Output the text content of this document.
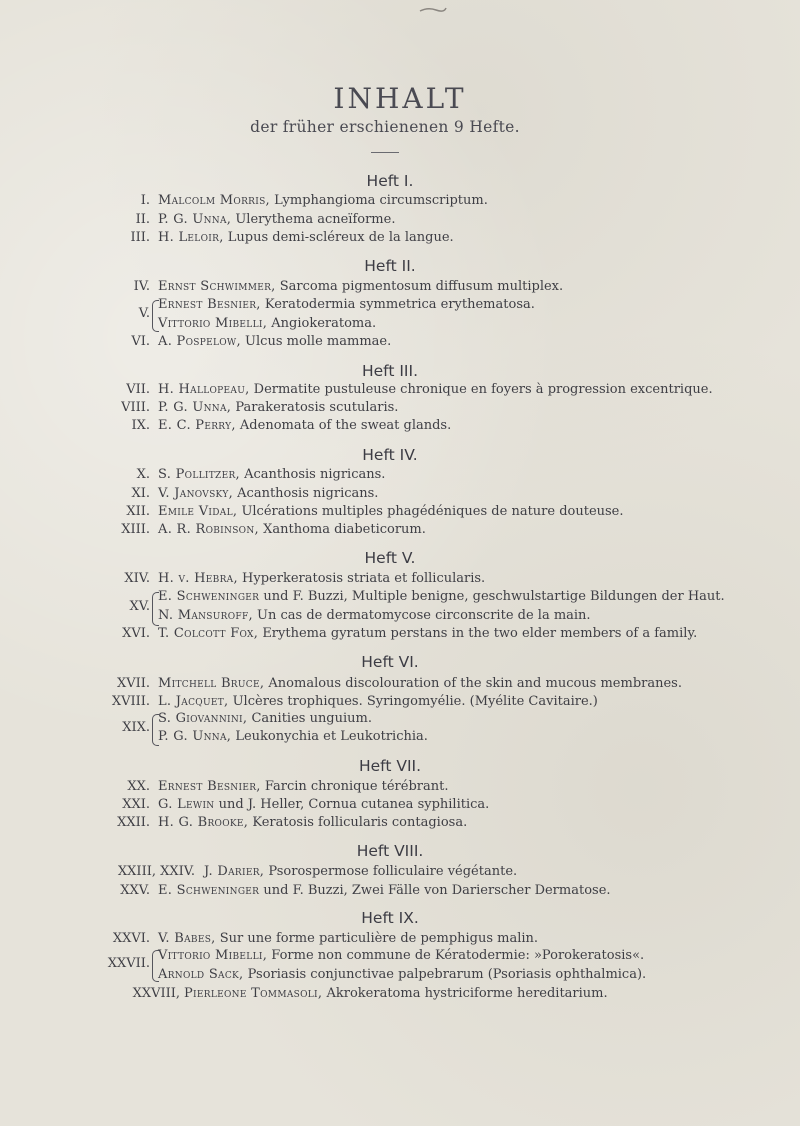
INHALT
der früher erschienenen 9 Hefte.
Heft I.
I. Malcolm Morris, Lymphangioma circumscriptum.
II. P. G. Unna, Ulerythema acneïforme.
III. H. Leloir, Lupus demi-scléreux de la langue.
Heft II.
IV. Ernst Schwimmer, Sarcoma pigmentosum diffusum multiplex.
V.
Ernest Besnier, Keratodermia symmetrica erythematosa.
Vittorio Mibelli, Angiokeratoma.
VI. A. Pospelow, Ulcus molle mammae.
Heft III.
VII. H. Hallopeau, Dermatite pustuleuse chronique en foyers à progression excentrique.
VIII. P. G. Unna, Parakeratosis scutularis.
IX. E. C. Perry, Adenomata of the sweat glands.
Heft IV.
X. S. Pollitzer, Acanthosis nigricans.
XI. V. Janovsky, Acanthosis nigricans.
XII. Emile Vidal, Ulcérations multiples phagédéniques de nature douteuse.
XIII. A. R. Robinson, Xanthoma diabeticorum.
Heft V.
XIV. H. v. Hebra, Hyperkeratosis striata et follicularis.
XV.
E. Schweninger und F. Buzzi, Multiple benigne, geschwulstartige Bildungen der Haut.
N. Mansuroff, Un cas de dermatomycose circonscrite de la main.
XVI. T. Colcott Fox, Erythema gyratum perstans in the two elder members of a family.
Heft VI.
XVII. Mitchell Bruce, Anomalous discolouration of the skin and mucous membranes.
XVIII. L. Jacquet, Ulcères trophiques. Syringomyélie. (Myélite Cavitaire.)
XIX.
S. Giovannini, Canities unguium.
P. G. Unna, Leukonychia et Leukotrichia.
Heft VII.
XX. Ernest Besnier, Farcin chronique térébrant.
XXI. G. Lewin und J. Heller, Cornua cutanea syphilitica.
XXII. H. G. Brooke, Keratosis follicularis contagiosa.
Heft VIII.
XXIII, XXIV. J. Darier, Psorospermose folliculaire végétante.
XXV. E. Schweninger und F. Buzzi, Zwei Fälle von Darierscher Dermatose.
Heft IX.
XXVI. V. Babes, Sur une forme particulière de pemphigus malin.
XXVII.
Vittorio Mibelli, Forme non commune de Kératodermie: »Porokeratosis«.
Arnold Sack, Psoriasis conjunctivae palpebrarum (Psoriasis ophthalmica).
XXVIII, Pierleone Tommasoli, Akrokeratoma hystriciforme hereditarium.
